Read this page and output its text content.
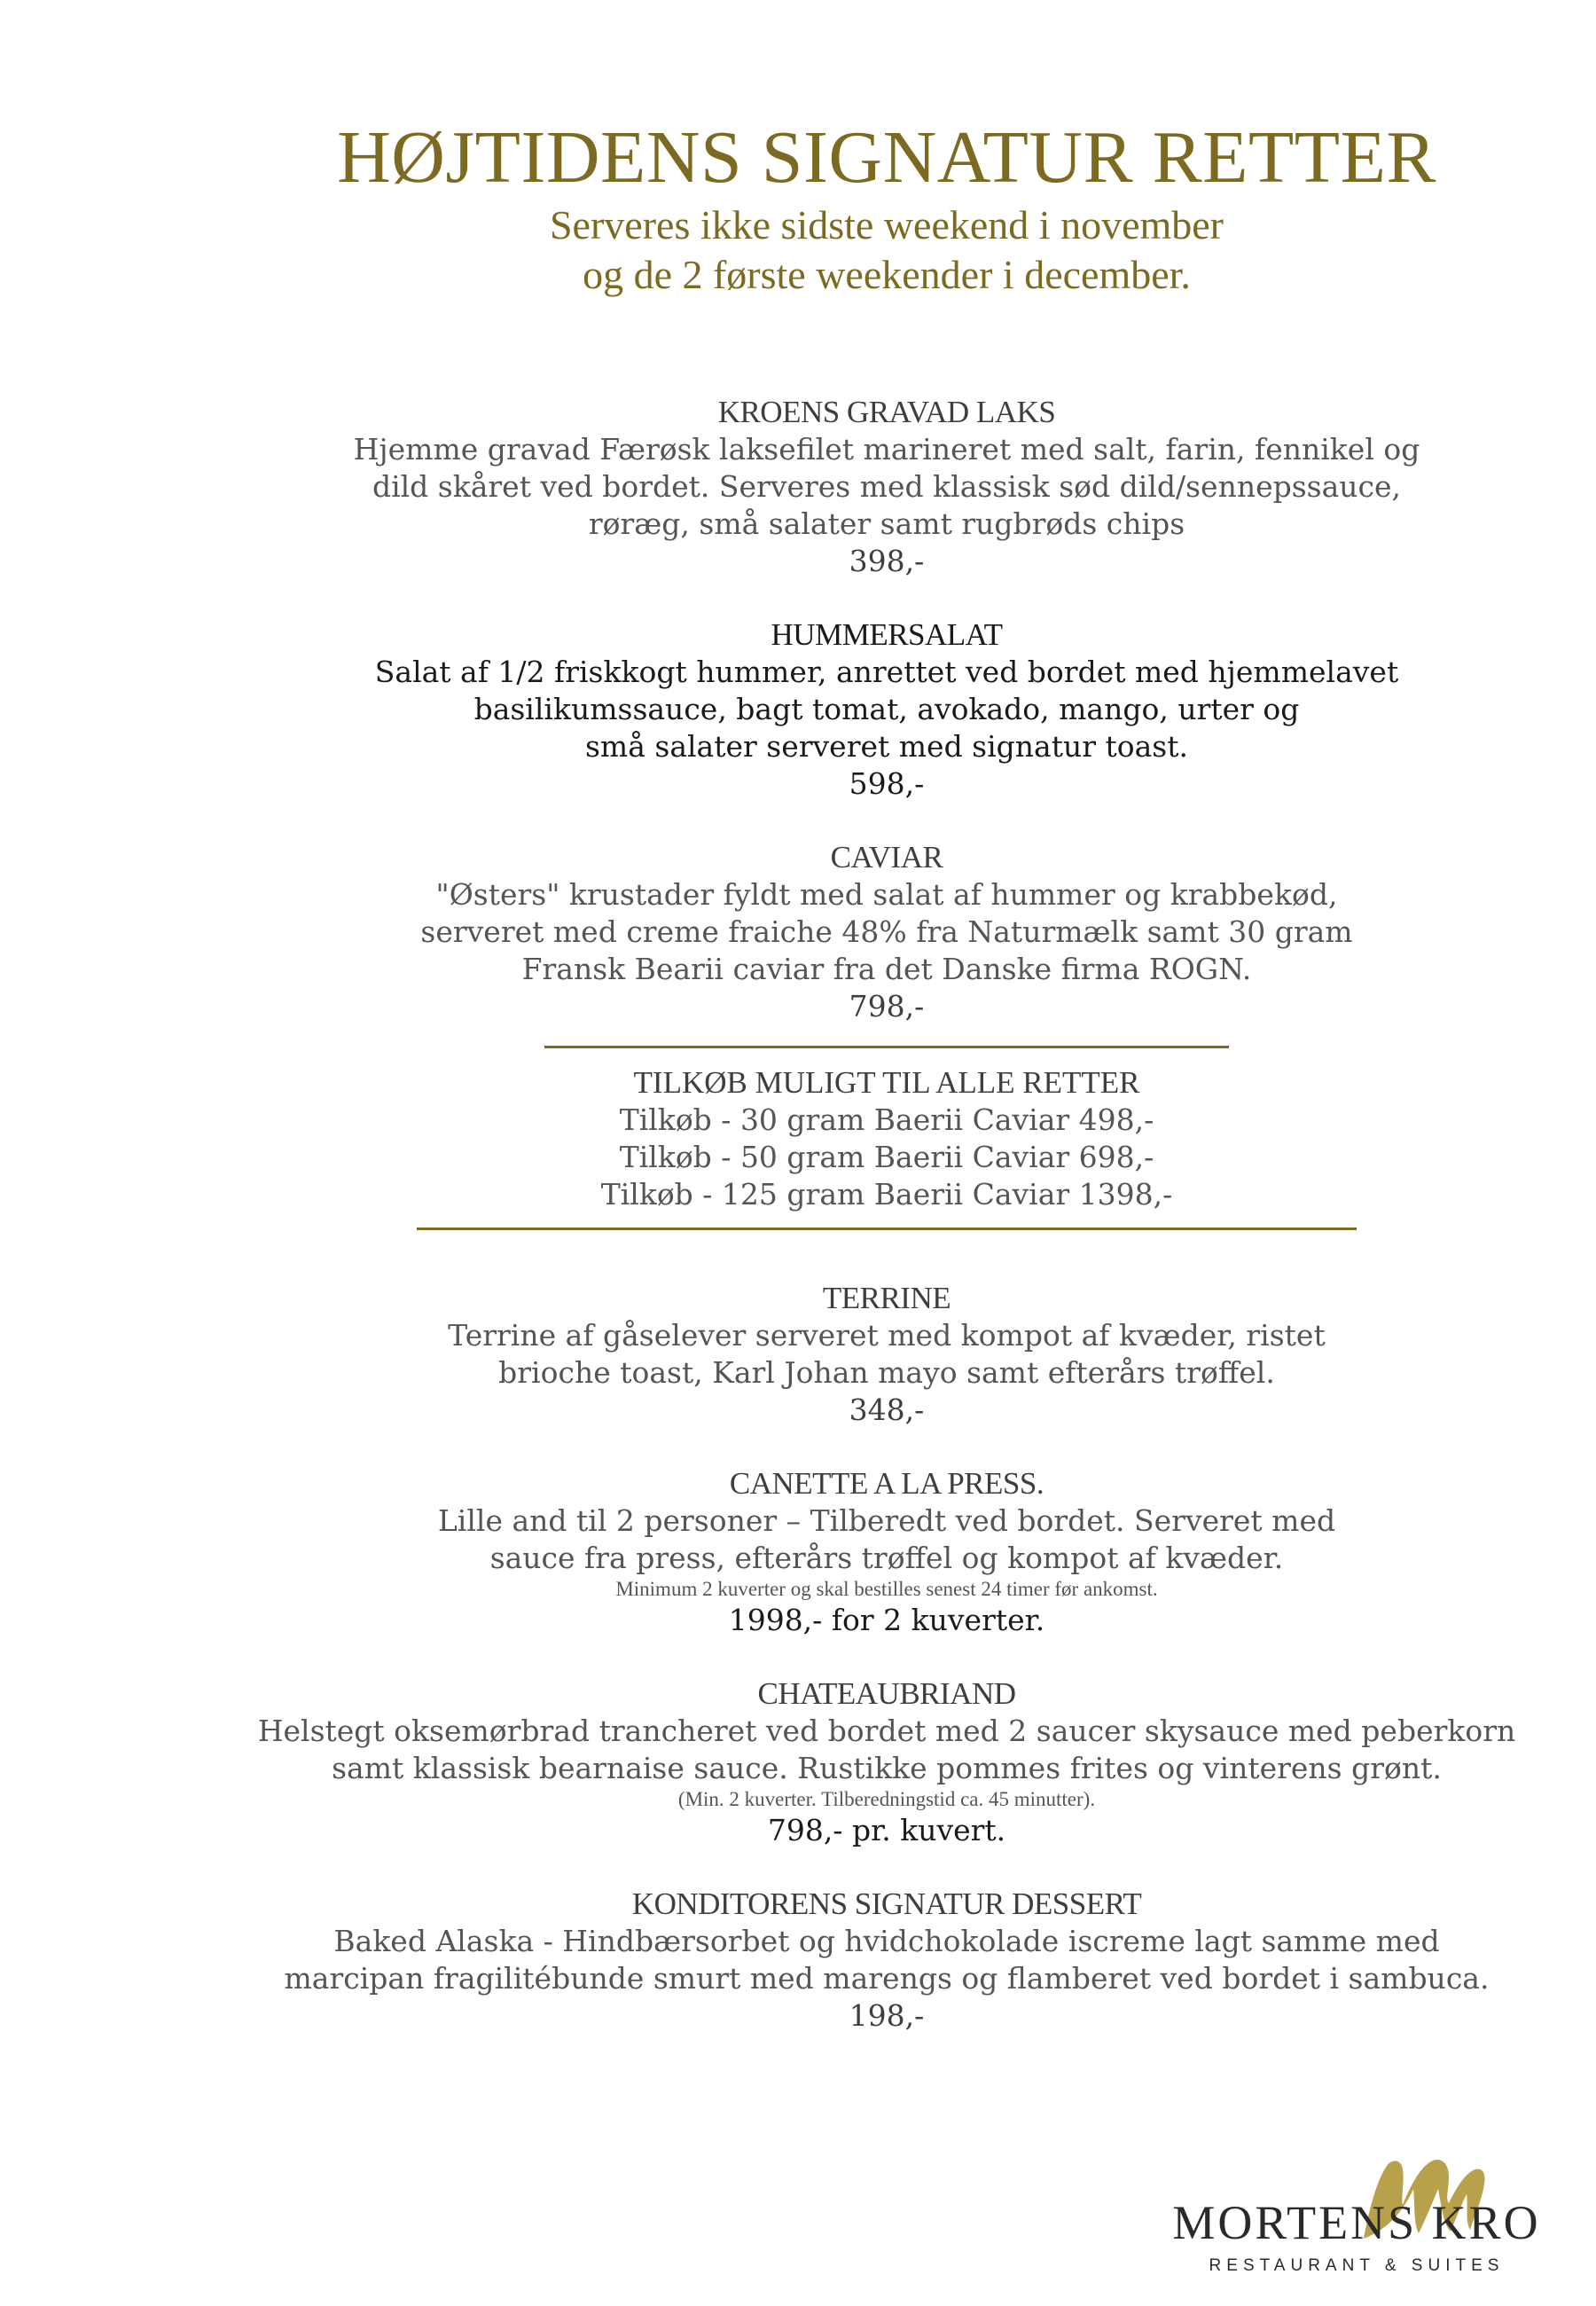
HØJTIDENS SIGNATUR RETTER

Serveres ikke sidste weekend i november
og de 2 første weekender i december.

KROENS GRAVAD LAKS
Hjemme gravad Færøsk laksefilet marineret med salt, farin, fennikel og
dild skåret ved bordet. Serveres med klassisk sød dild/sennepssauce,
røræg, små salater samt rugbrøds chips
398,-
HUMMERSALAT
Salat af 1/2 friskkogt hummer, anrettet ved bordet med hjemmelavet
basilikumssauce, bagt tomat, avokado, mango, urter og
små salater serveret med signatur toast.
598,-
CAVIAR
"Østers" krustader fyldt med salat af hummer og krabbekød,
serveret med creme fraiche 48% fra Naturmælk samt 30 gram
Fransk Bearii caviar fra det Danske firma ROGN.
798,-
TILKØB MULIGT TIL ALLE RETTER
Tilkøb - 30 gram Baerii Caviar 498,-
Tilkøb - 50 gram Baerii Caviar 698,-
Tilkøb - 125 gram Baerii Caviar 1398,-
TERRINE
Terrine af gåselever serveret med kompot af kvæder, ristet
brioche toast, Karl Johan mayo samt efterårs trøffel.
348,-
CANETTE A LA PRESS.
Lille and til 2 personer – Tilberedt ved bordet. Serveret med
sauce fra press, efterårs trøffel og kompot af kvæder.
Minimum 2 kuverter og skal bestilles senest 24 timer før ankomst.
1998,- for 2 kuverter.
CHATEAUBRIAND
Helstegt oksemørbrad trancheret ved bordet med 2 saucer skysauce med peberkorn
samt klassisk bearnaise sauce. Rustikke pommes frites og vinterens grønt.
(Min. 2 kuverter. Tilberedningstid ca. 45 minutter).
798,- pr. kuvert.
KONDITORENS SIGNATUR DESSERT
Baked Alaska - Hindbærsorbet og hvidchokolade iscreme lagt samme med
marcipan fragilitébunde smurt med marengs og flamberet ved bordet i sambuca.
198,-
MORTENS KRO
RESTAURANT & SUITES
